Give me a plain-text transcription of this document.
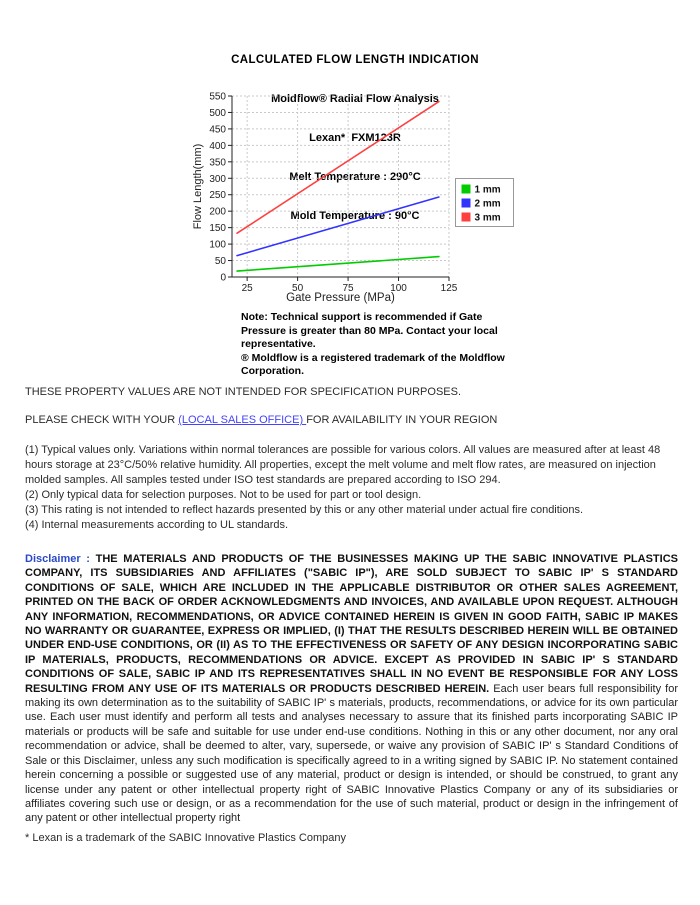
CALCULATED FLOW LENGTH INDICATION

Moldflow® Radial Flow Analysis

Lexan*  FXM123R

Melt Temperature : 290°C

Mold Temperature : 90°C

0
50
100
150
200
250
300
350
400
450
500
550
25	50	75	100	125
1 mm
2 mm
3 mm
Gate Pressure (MPa)
Flow Length(mm)
Note: Technical support is recommended if Gate
Pressure is greater than 80 MPa. Contact your local
representative.
® Moldflow is a registered trademark of the Moldflow
Corporation.
THESE PROPERTY VALUES ARE NOT INTENDED FOR SPECIFICATION PURPOSES.
PLEASE CHECK WITH YOUR (LOCAL SALES OFFICE) FOR AVAILABILITY IN YOUR REGION
(1) Typical values only. Variations within normal tolerances are possible for various colors. All values are measured after at least 48 hours storage at 23°C/50% relative humidity. All properties, except the melt volume and melt flow rates, are measured on injection molded samples. All samples tested under ISO test standards are prepared according to ISO 294.
(2) Only typical data for selection purposes. Not to be used for part or tool design.
(3) This rating is not intended to reflect hazards presented by this or any other material under actual fire conditions.
(4) Internal measurements according to UL standards.
Disclaimer : THE MATERIALS AND PRODUCTS OF THE BUSINESSES MAKING UP THE SABIC INNOVATIVE PLASTICS COMPANY, ITS SUBSIDIARIES AND AFFILIATES ("SABIC IP"), ARE SOLD SUBJECT TO SABIC IP' S STANDARD CONDITIONS OF SALE, WHICH ARE INCLUDED IN THE APPLICABLE DISTRIBUTOR OR OTHER SALES AGREEMENT, PRINTED ON THE BACK OF ORDER ACKNOWLEDGMENTS AND INVOICES, AND AVAILABLE UPON REQUEST. ALTHOUGH ANY INFORMATION, RECOMMENDATIONS, OR ADVICE CONTAINED HEREIN IS GIVEN IN GOOD FAITH, SABIC IP MAKES NO WARRANTY OR GUARANTEE, EXPRESS OR IMPLIED, (I) THAT THE RESULTS DESCRIBED HEREIN WILL BE OBTAINED UNDER END-USE CONDITIONS, OR (II) AS TO THE EFFECTIVENESS OR SAFETY OF ANY DESIGN INCORPORATING SABIC IP MATERIALS, PRODUCTS, RECOMMENDATIONS OR ADVICE. EXCEPT AS PROVIDED IN SABIC IP' S STANDARD CONDITIONS OF SALE, SABIC IP AND ITS REPRESENTATIVES SHALL IN NO EVENT BE RESPONSIBLE FOR ANY LOSS RESULTING FROM ANY USE OF ITS MATERIALS OR PRODUCTS DESCRIBED HEREIN. Each user bears full responsibility for making its own determination as to the suitability of SABIC IP' s materials, products, recommendations, or advice for its own particular use. Each user must identify and perform all tests and analyses necessary to assure that its finished parts incorporating SABIC IP materials or products will be safe and suitable for use under end-use conditions. Nothing in this or any other document, nor any oral recommendation or advice, shall be deemed to alter, vary, supersede, or waive any provision of SABIC IP' s Standard Conditions of Sale or this Disclaimer, unless any such modification is specifically agreed to in a writing signed by SABIC IP. No statement contained herein concerning a possible or suggested use of any material, product or design is intended, or should be construed, to grant any license under any patent or other intellectual property right of SABIC Innovative Plastics Company or any of its subsidiaries or affiliates covering such use or design, or as a recommendation for the use of such material, product or design in the infringement of any patent or other intellectual property right
* Lexan is a trademark of the SABIC Innovative Plastics Company
